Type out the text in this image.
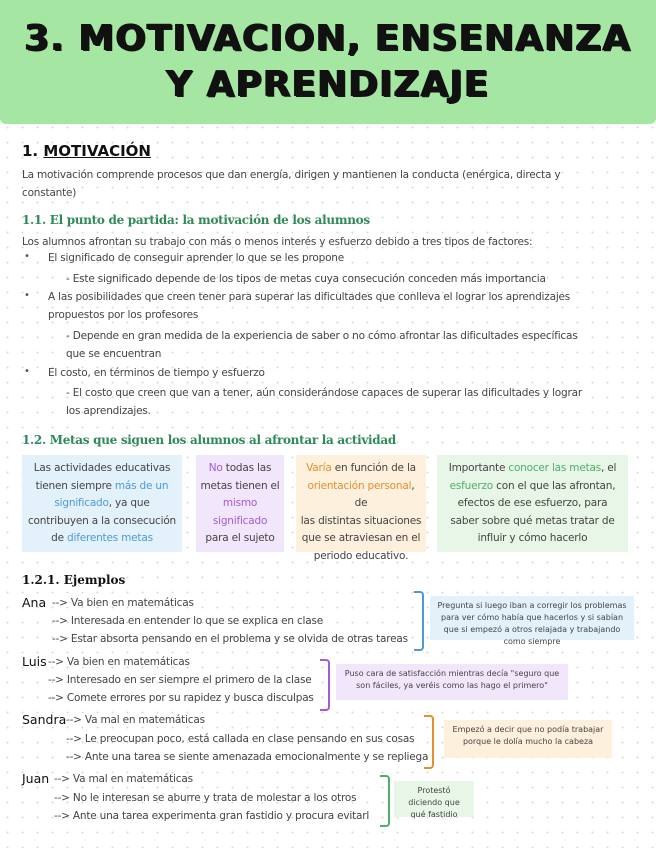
3. MOTIVACION, ENSENANZA
Y APRENDIZAJE
1. MOTIVACIÓN
La motivación comprende procesos que dan energía, dirigen y mantienen la conducta (enérgica, directa y
constante)
1.1. El punto de partida: la motivación de los alumnos
Los alumnos afrontan su trabajo con más o menos interés y esfuerzo debido a tres tipos de factores:
• El significado de conseguir aprender lo que se les propone
- Este significado depende de los tipos de metas cuya consecución conceden más importancia
• A las posibilidades que creen tener para superar las dificultades que conlleva el lograr los aprendizajes
propuestos por los profesores
- Depende en gran medida de la experiencia de saber o no cómo afrontar las dificultades específicas
que se encuentran
• El costo, en términos de tiempo y esfuerzo
- El costo que creen que van a tener, aún considerándose capaces de superar las dificultades y lograr
los aprendizajes.
1.2. Metas que siguen los alumnos al afrontar la actividad
Las actividades educativas
tienen siempre más de un
significado, ya que
contribuyen a la consecución
de diferentes metas
No todas las
metas tienen el
mismo
significado
para el sujeto
Varía en función de la
orientación personal, de
las distintas situaciones
que se atraviesan en el
periodo educativo.
Importante conocer las metas, el
esfuerzo con el que las afrontan,
efectos de ese esfuerzo, para
saber sobre qué metas tratar de
influir y cómo hacerlo
1.2.1. Ejemplos
Ana --> Va bien en matemáticas
--> Interesada en entender lo que se explica en clase
--> Estar absorta pensando en el problema y se olvida de otras tareas
Pregunta si luego iban a corregir los problemas para ver cómo había que hacerlos y si sabían que si empezó a otros relajada y trabajando como siempre
Luis --> Va bien en matemáticas
--> Interesado en ser siempre el primero de la clase
--> Comete errores por su rapidez y busca disculpas
Puso cara de satisfacción mientras decía "seguro que son fáciles, ya veréis como las hago el primero"
Sandra --> Va mal en matemáticas
--> Le preocupan poco, está callada en clase pensando en sus cosas
--> Ante una tarea se siente amenazada emocionalmente y se repliega
Empezó a decir que no podía trabajar porque le dolía mucho la cabeza
Juan --> Va mal en matemáticas
--> No le interesan se aburre y trata de molestar a los otros
--> Ante una tarea experimenta gran fastidio y procura evitarl
Protestó diciendo que qué fastidio
